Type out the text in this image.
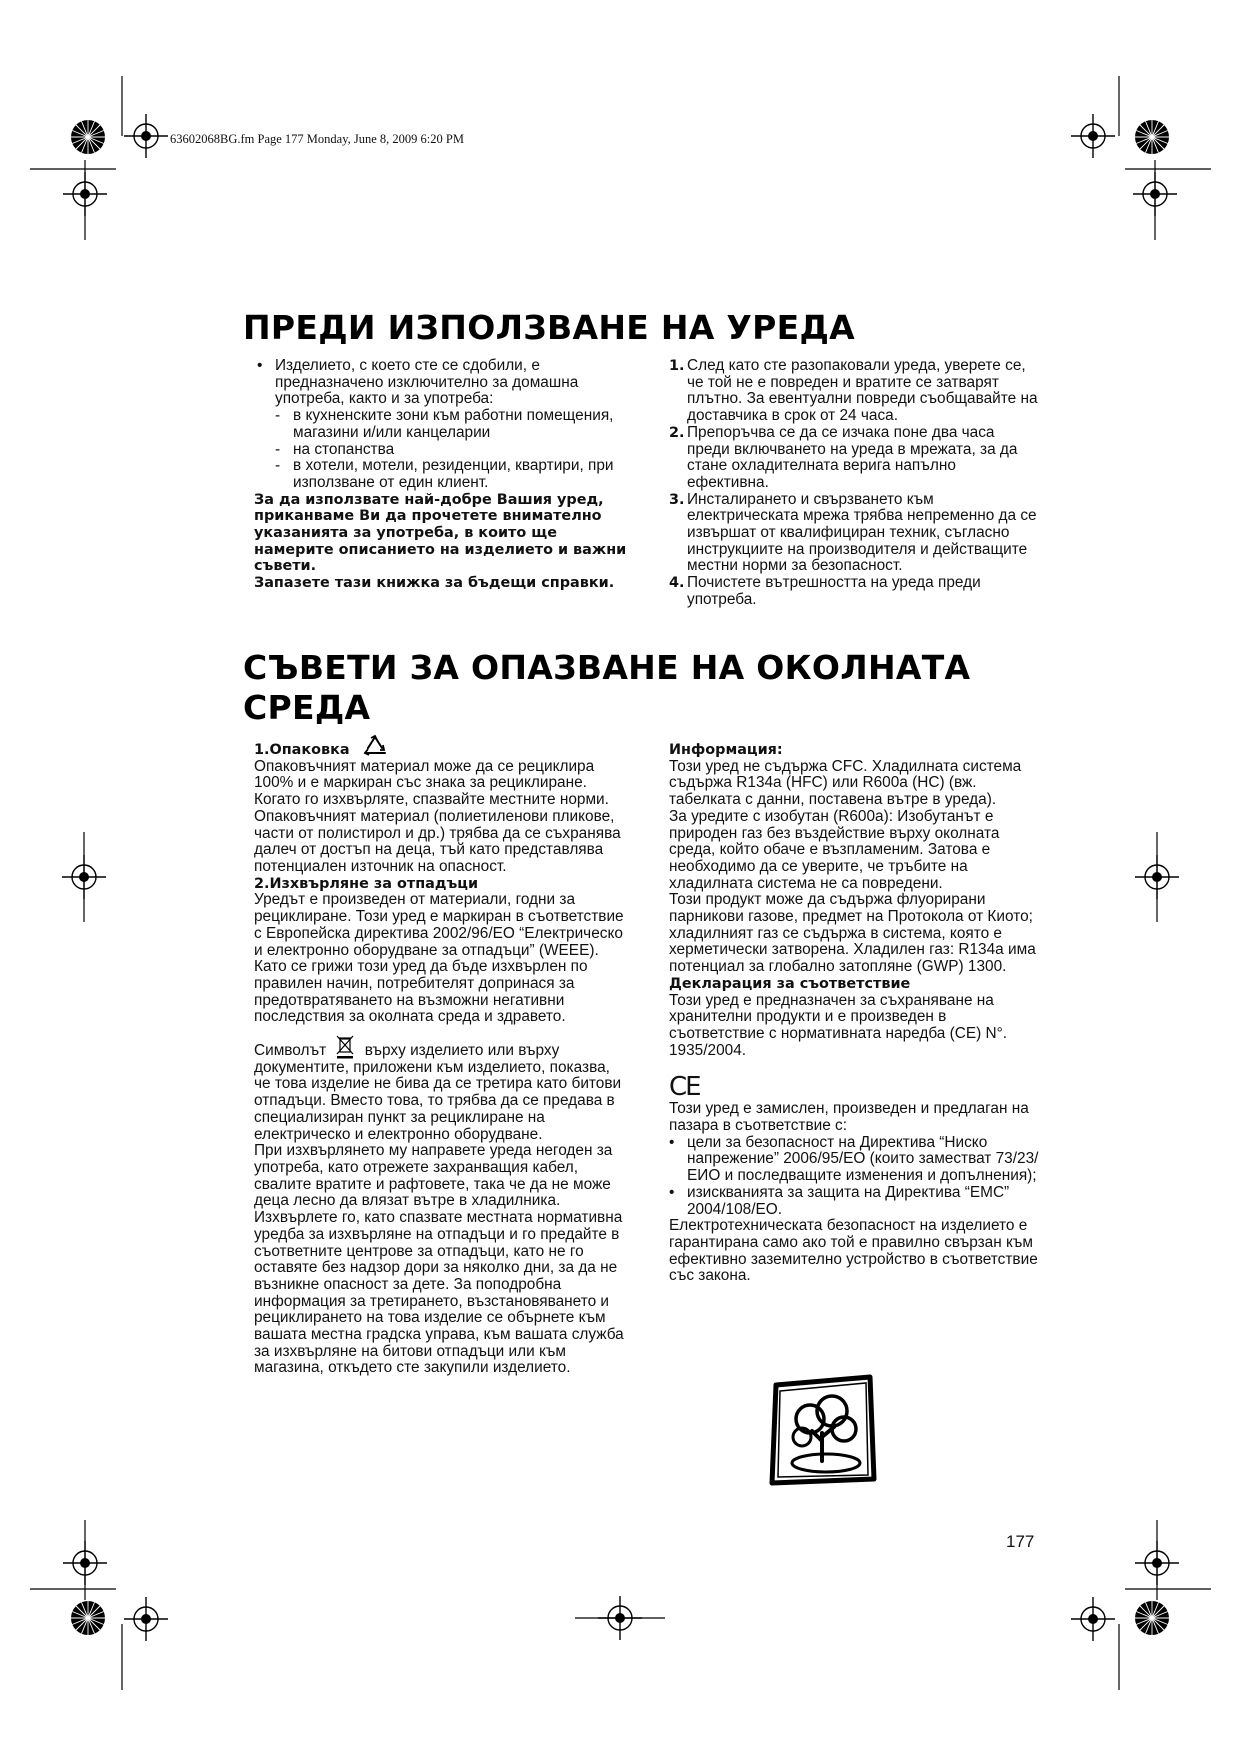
63602068BG.fm Page 177 Monday, June 8, 2009 6:20 PM
ПРЕДИ ИЗПОЛЗВАНЕ НА УРЕДА
• Изделието, с което сте се сдобили, е предназначено изключително за домашна употреба, както и за употреба:
- в кухненските зони към работни помещения, магазини и/или канцеларии
- на стопанства
- в хотели, мотели, резиденции, квартири, при използване от един клиент.

За да използвате най-добре Вашия уред, приканваме Ви да прочетете внимателно указанията за употреба, в които ще намерите описанието на изделието и важни съвети.

Запазете тази книжка за бъдещи справки.

1. След като сте разопаковали уреда, уверете се, че той не е повреден и вратите се затварят плътно. За евентуални повреди съобщавайте на доставчика в срок от 24 часа.
2. Препоръчва се да се изчака поне два часа преди включването на уреда в мрежата, за да стане охладителната верига напълно ефективна.
3. Инсталирането и свързването към електрическата мрежа трябва непременно да се извършат от квалифициран техник, съгласно инструкциите на производителя и действащите местни норми за безопасност.
4. Почистете вътрешността на уреда преди употреба.
СЪВЕТИ ЗА ОПАЗВАНЕ НА ОКОЛНАТА
СРЕДА

1.Опаковка

Опаковъчният материал може да се рециклира 100% и е маркиран със знака за рециклиране.

Когато го изхвърляте, спазвайте местните норми. Опаковъчният материал (полиетиленови пликове, части от полистирол и др.) трябва да се съхранява далеч от достъп на деца, тъй като представлява потенциален източник на опасност.

2.Изхвърляне за отпадъци

Уредът е произведен от материали, годни за рециклиране. Този уред е маркиран в съответствие с Европейска директива 2002/96/ЕО “Електрическо и електронно оборудване за отпадъци” (WEEE). Като се грижи този уред да бъде изхвърлен по правилен начин, потребителят допринася за предотвратяването на възможни негативни последствия за околната среда и здравето.

Символът	върху изделието или върху документите, приложени към изделието, показва, че това изделие не бива да се третира като битови отпадъци. Вместо това, то трябва да се предава в специализиран пункт за рециклиране на електрическо и електронно оборудване.

При изхвърлянето му направете уреда негоден за употреба, като отрежете захранващия кабел, свалите вратите и рафтовете, така че да не може деца лесно да влязат вътре в хладилника.

Изхвърлете го, като спазвате местната нормативна уредба за изхвърляне на отпадъци и го предайте в съответните центрове за отпадъци, като не го оставяте без надзор дори за няколко дни, за да не възникне опасност за дете. За поподробна информация за третирането, възстановяването и рециклирането на това изделие се обърнете към вашата местна градска управа, към вашата служба за изхвърляне на битови отпадъци или към магазина, откъдето сте закупили изделието.

Информация:

Този уред не съдържа CFC. Хладилната система съдържа R134a (HFC) или R600a (HC) (вж. табелката с данни, поставена вътре в уреда).

За уредите с изобутан (R600a): Изобутанът е природен газ без въздействие върху околната среда, който обаче е възпламеним. Затова е необходимо да се уверите, че тръбите на хладилната система не са повредени.

Този продукт може да съдържа флуорирани парникови газове, предмет на Протокола от Киото; хладилният газ се съдържа в система, която е херметически затворена. Хладилен газ: R134a има потенциал за глобално затопляне (GWP) 1300.

Декларация за съответствие

Този уред е предназначен за съхраняване на хранителни продукти и е произведен в съответствие с нормативната наредба (CE) N°. 1935/2004.

CE

Този уред е замислен, произведен и предлаган на пазара в съответствие с:

• цели за безопасност на Директива “Ниско напрежение” 2006/95/ЕО (които заместват 73/23/ЕИО и последващите изменения и допълнения);
• изискванията за защита на Директива “EMC” 2004/108/ЕО.

Електротехническата безопасност на изделието е гарантирана само ако той е правилно свързан към ефективно заземително устройство в съответствие със закона.

177
